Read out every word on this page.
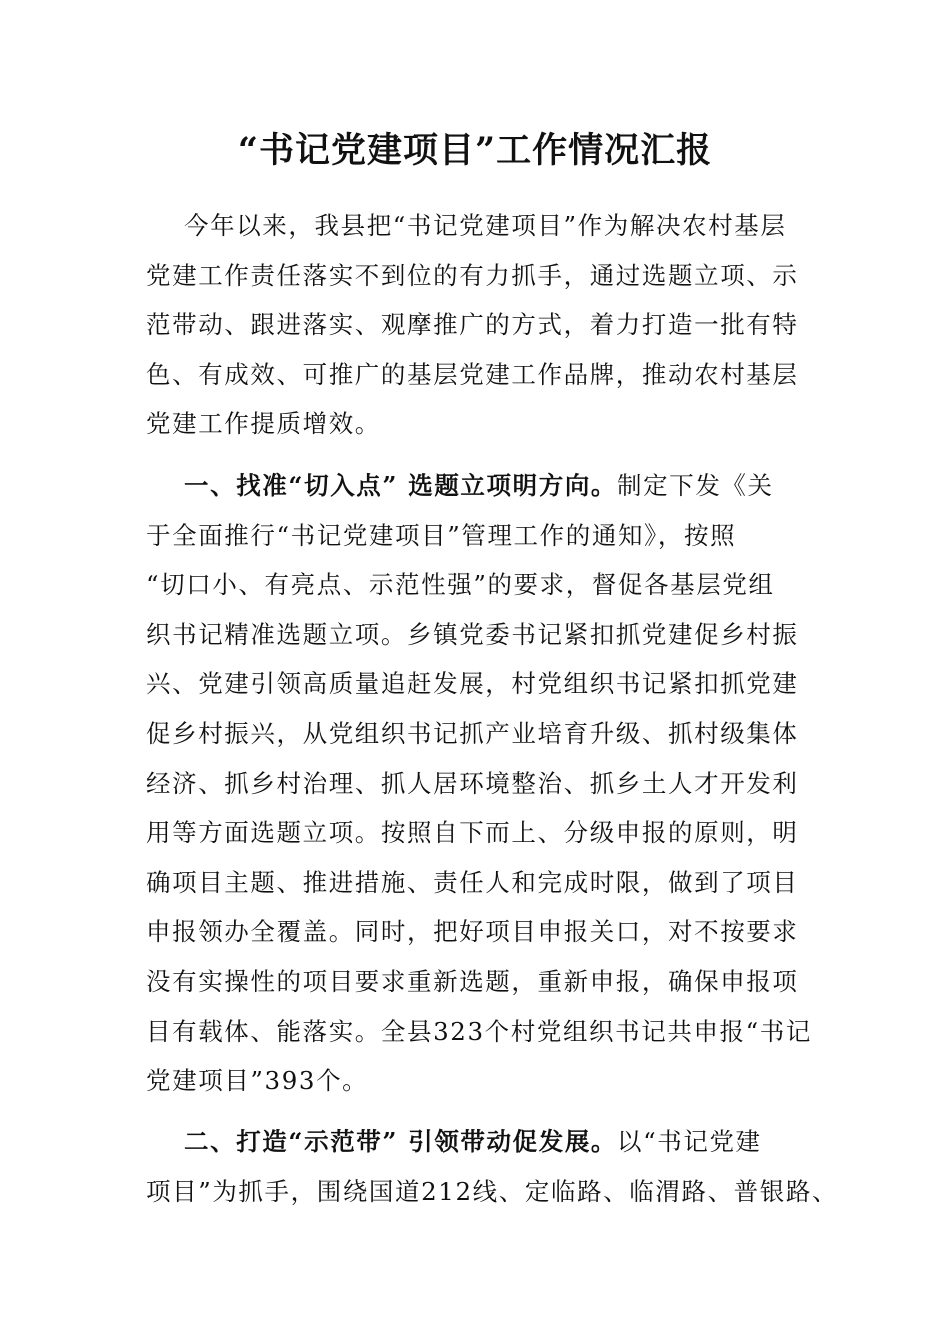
“书记党建项目”工作情况汇报
今年以来，我县把“书记党建项目”作为解决农村基层
党建工作责任落实不到位的有力抓手，通过选题立项、示
范带动、跟进落实、观摩推广的方式，着力打造一批有特
色、有成效、可推广的基层党建工作品牌，推动农村基层
党建工作提质增效。
一、找准“切入点” 选题立项明方向。制定下发《关
于全面推行“书记党建项目”管理工作的通知》，按照
“切口小、有亮点、示范性强”的要求，督促各基层党组
织书记精准选题立项。乡镇党委书记紧扣抓党建促乡村振
兴、党建引领高质量追赶发展，村党组织书记紧扣抓党建
促乡村振兴，从党组织书记抓产业培育升级、抓村级集体
经济、抓乡村治理、抓人居环境整治、抓乡土人才开发利
用等方面选题立项。按照自下而上、分级申报的原则，明
确项目主题、推进措施、责任人和完成时限，做到了项目
申报领办全覆盖。同时，把好项目申报关口，对不按要求
没有实操性的项目要求重新选题，重新申报，确保申报项
目有载体、能落实。全县323个村党组织书记共申报“书记
党建项目”393个。
二、打造“示范带” 引领带动促发展。以“书记党建
项目”为抓手，围绕国道212线、定临路、临渭路、普银路、
